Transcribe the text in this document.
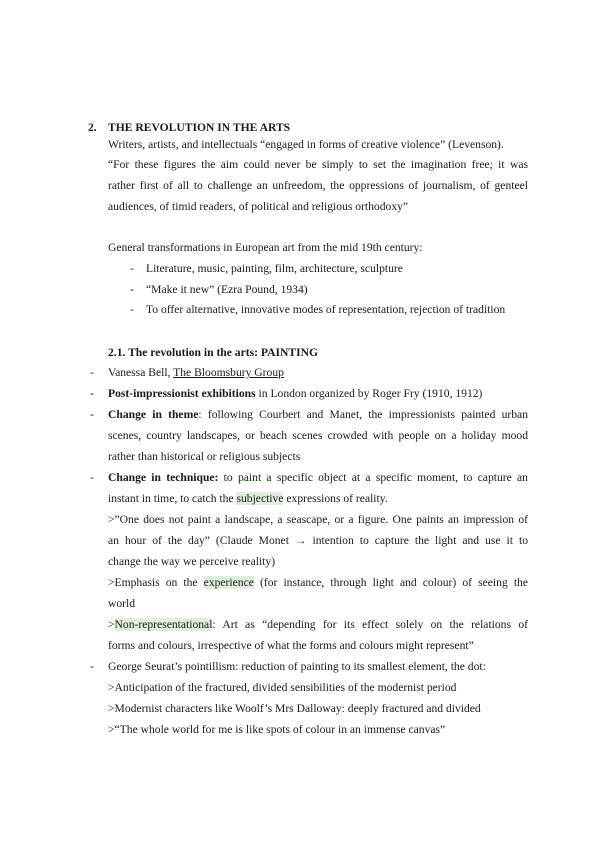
2. THE REVOLUTION IN THE ARTS
Writers, artists, and intellectuals “engaged in forms of creative violence” (Levenson).
“For these figures the aim could never be simply to set the imagination free; it was
rather first of all to challenge an unfreedom, the oppressions of journalism, of genteel
audiences, of timid readers, of political and religious orthodoxy”
General transformations in European art from the mid 19th century:
- Literature, music, painting, film, architecture, sculpture
- “Make it new” (Ezra Pound, 1934)
- To offer alternative, innovative modes of representation, rejection of tradition
2.1. The revolution in the arts: PAINTING
- Vanessa Bell, The Bloomsbury Group
- Post-impressionist exhibitions in London organized by Roger Fry (1910, 1912)
- Change in theme: following Courbert and Manet, the impressionists painted urban
scenes, country landscapes, or beach scenes crowded with people on a holiday mood
rather than historical or religious subjects
- Change in technique: to paint a specific object at a specific moment, to capture an
instant in time, to catch the subjective expressions of reality.
>”One does not paint a landscape, a seascape, or a figure. One paints an impression of
an hour of the day” (Claude Monet → intention to capture the light and use it to
change the way we perceive reality)
>Emphasis on the experience (for instance, through light and colour) of seeing the
world
>Non-representational: Art as “depending for its effect solely on the relations of
forms and colours, irrespective of what the forms and colours might represent”
- George Seurat’s pointillism: reduction of painting to its smallest element, the dot:
>Anticipation of the fractured, divided sensibilities of the modernist period
>Modernist characters like Woolf’s Mrs Dalloway: deeply fractured and divided
>“The whole world for me is like spots of colour in an immense canvas”
